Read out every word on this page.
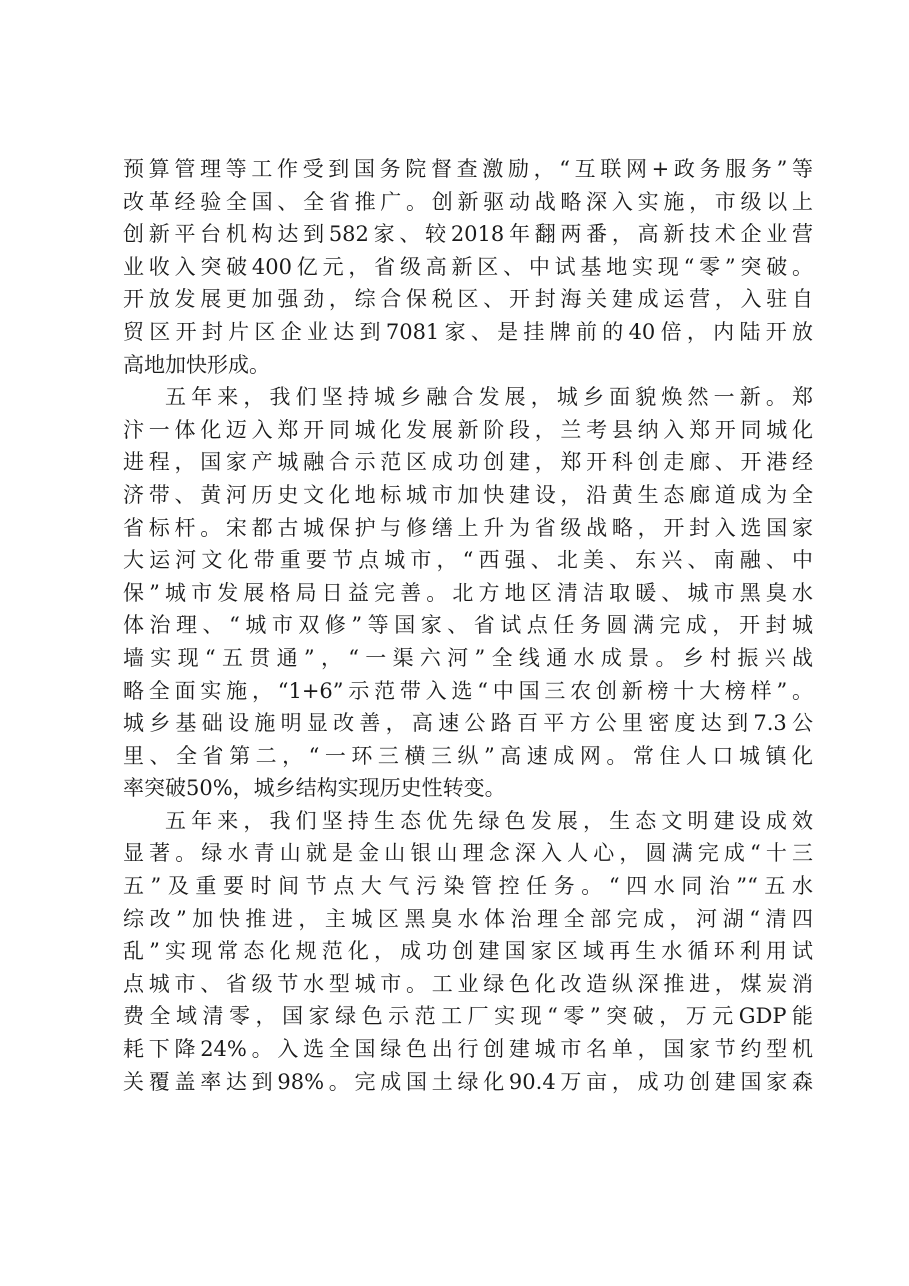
预算管理等工作受到国务院督查激励，“互联网+政务服务”等
改革经验全国、全省推广。创新驱动战略深入实施，市级以上
创新平台机构达到582家、较2018年翻两番，高新技术企业营
业收入突破400亿元，省级高新区、中试基地实现“零”突破。
开放发展更加强劲，综合保税区、开封海关建成运营，入驻自
贸区开封片区企业达到7081家、是挂牌前的40倍，内陆开放
高地加快形成。
五年来，我们坚持城乡融合发展，城乡面貌焕然一新。郑
汴一体化迈入郑开同城化发展新阶段，兰考县纳入郑开同城化
进程，国家产城融合示范区成功创建，郑开科创走廊、开港经
济带、黄河历史文化地标城市加快建设，沿黄生态廊道成为全
省标杆。宋都古城保护与修缮上升为省级战略，开封入选国家
大运河文化带重要节点城市，“西强、北美、东兴、南融、中
保”城市发展格局日益完善。北方地区清洁取暖、城市黑臭水
体治理、“城市双修”等国家、省试点任务圆满完成，开封城
墙实现“五贯通”，“一渠六河”全线通水成景。乡村振兴战
略全面实施，“1+6”示范带入选“中国三农创新榜十大榜样”。
城乡基础设施明显改善，高速公路百平方公里密度达到7.3公
里、全省第二，“一环三横三纵”高速成网。常住人口城镇化
率突破50%，城乡结构实现历史性转变。
五年来，我们坚持生态优先绿色发展，生态文明建设成效
显著。绿水青山就是金山银山理念深入人心，圆满完成“十三
五”及重要时间节点大气污染管控任务。“四水同治”“五水
综改”加快推进，主城区黑臭水体治理全部完成，河湖“清四
乱”实现常态化规范化，成功创建国家区域再生水循环利用试
点城市、省级节水型城市。工业绿色化改造纵深推进，煤炭消
费全域清零，国家绿色示范工厂实现“零”突破，万元GDP能
耗下降24%。入选全国绿色出行创建城市名单，国家节约型机
关覆盖率达到98%。完成国土绿化90.4万亩，成功创建国家森
